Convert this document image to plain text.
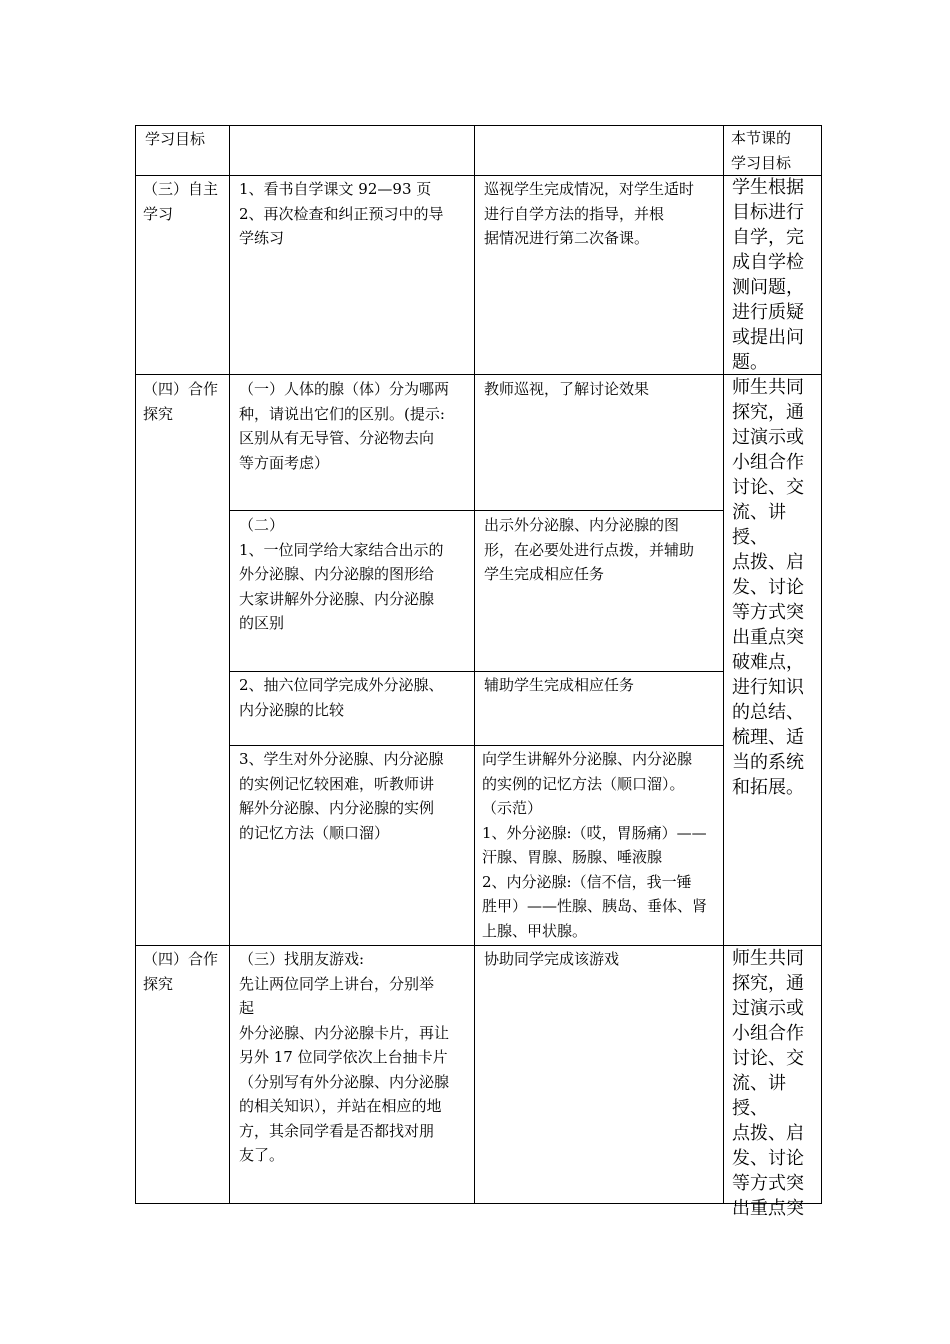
学习目标	本节课的
学习目标
（三）自主
学习
1、看书自学课文 92—93 页
2、再次检查和纠正预习中的导
学练习
巡视学生完成情况，对学生适时
进行自学方法的指导，并根
据情况进行第二次备课。
学生根据
目标进行
自学，完
成自学检
测问题，
进行质疑
或提出问
题。
（四）合作
探究
（一）人体的腺（体）分为哪两
种，请说出它们的区别。(提示:
区别从有无导管、分泌物去向
等方面考虑）
教师巡视，了解讨论效果
（二）
1、一位同学给大家结合出示的
外分泌腺、内分泌腺的图形给
大家讲解外分泌腺、内分泌腺
的区别
出示外分泌腺、内分泌腺的图
形，在必要处进行点拨，并辅助
学生完成相应任务
2、抽六位同学完成外分泌腺、
内分泌腺的比较
辅助学生完成相应任务
3、学生对外分泌腺、内分泌腺
的实例记忆较困难，听教师讲
解外分泌腺、内分泌腺的实例
的记忆方法（顺口溜）
向学生讲解外分泌腺、内分泌腺
的实例的记忆方法（顺口溜）。
（示范）
1、外分泌腺:（哎，胃肠痛）——
汗腺、胃腺、肠腺、唾液腺
2、内分泌腺:（信不信，我一锤
胜甲）——性腺、胰岛、垂体、肾
上腺、甲状腺。
师生共同
探究，通
过演示或
小组合作
讨论、交
流、讲授、
点拨、启
发、讨论
等方式突
出重点突
破难点，
进行知识
的总结、
梳理、适
当的系统
和拓展。
（四）合作
探究
（三）找朋友游戏:
先让两位同学上讲台，分别举
起
外分泌腺、内分泌腺卡片，再让
另外 17 位同学依次上台抽卡片
（分别写有外分泌腺、内分泌腺
的相关知识），并站在相应的地
方，其余同学看是否都找对朋
友了。
协助同学完成该游戏	师生共同
探究，通
过演示或
小组合作
讨论、交
流、讲授、
点拨、启
发、讨论
等方式突
出重点突
